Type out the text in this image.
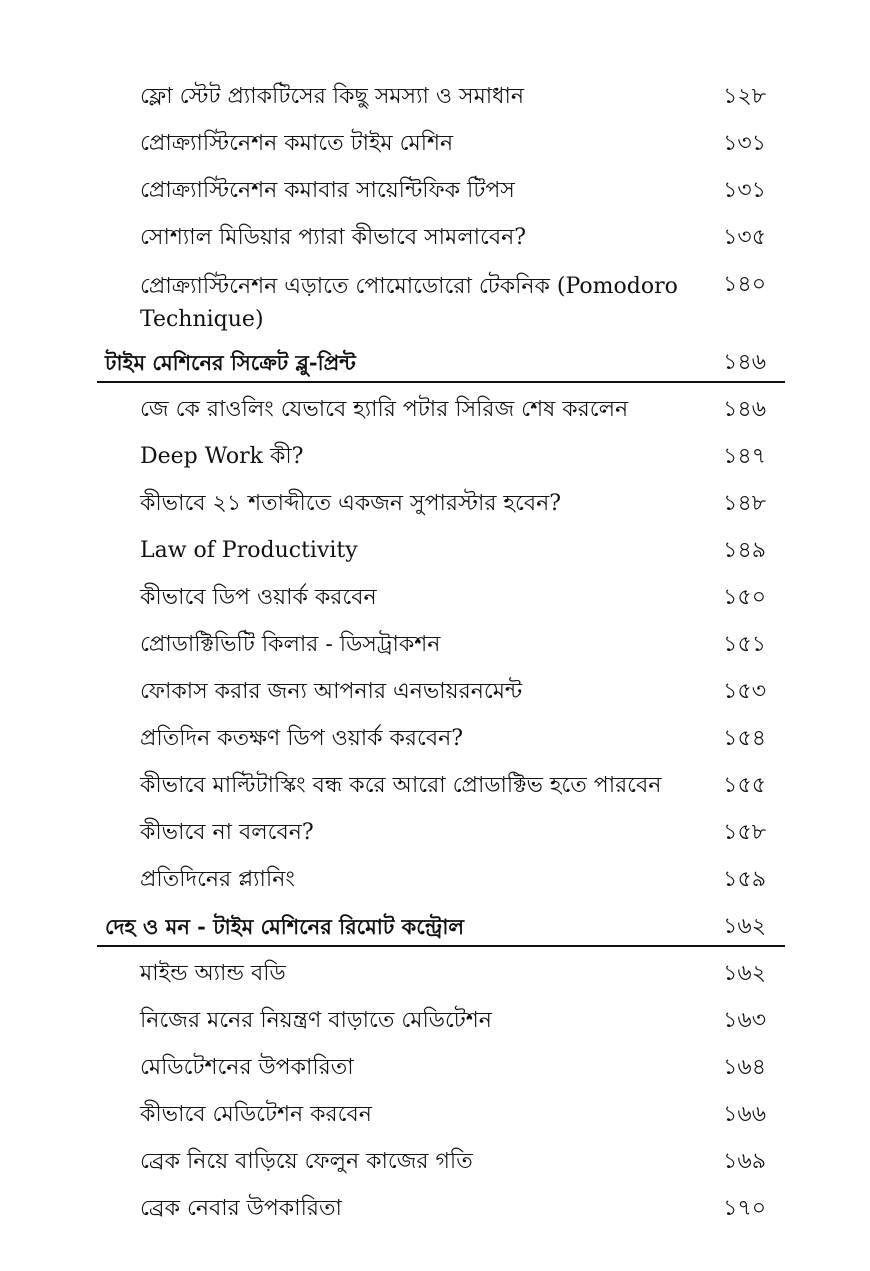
ফ্লো স্টেট প্র্যাকটিসের কিছু সমস্যা ও সমাধান	১২৮
প্রোক্র্যাস্টিনেশন কমাতে টাইম মেশিন	১৩১
প্রোক্র্যাস্টিনেশন কমাবার সায়েন্টিফিক টিপস	১৩১
সোশ্যাল মিডিয়ার প্যারা কীভাবে সামলাবেন?	১৩৫
প্রোক্র্যাস্টিনেশন এড়াতে পোমোডোরো টেকনিক (Pomodoro Technique)
১৪০
টাইম মেশিনের সিক্রেট ব্লু-প্রিন্ট	১৪৬
জে কে রাওলিং যেভাবে হ্যারি পটার সিরিজ শেষ করলেন	১৪৬
Deep Work কী?	১৪৭
কীভাবে ২১ শতাব্দীতে একজন সুপারস্টার হবেন?	১৪৮
Law of Productivity	১৪৯
কীভাবে ডিপ ওয়ার্ক করবেন	১৫০
প্রোডাক্টিভিটি কিলার - ডিসট্রাকশন	১৫১
ফোকাস করার জন্য আপনার এনভায়রনমেন্ট	১৫৩
প্রতিদিন কতক্ষণ ডিপ ওয়ার্ক করবেন?	১৫৪
কীভাবে মাল্টিটাস্কিং বন্ধ করে আরো প্রোডাক্টিভ হতে পারবেন	১৫৫
কীভাবে না বলবেন?	১৫৮
প্রতিদিনের প্ল্যানিং	১৫৯
দেহ ও মন - টাইম মেশিনের রিমোট কন্ট্রোল	১৬২
মাইন্ড অ্যান্ড বডি	১৬২
নিজের মনের নিয়ন্ত্রণ বাড়াতে মেডিটেশন	১৬৩
মেডিটেশনের উপকারিতা	১৬৪
কীভাবে মেডিটেশন করবেন	১৬৬
ব্রেক নিয়ে বাড়িয়ে ফেলুন কাজের গতি	১৬৯
ব্রেক নেবার উপকারিতা	১৭০
